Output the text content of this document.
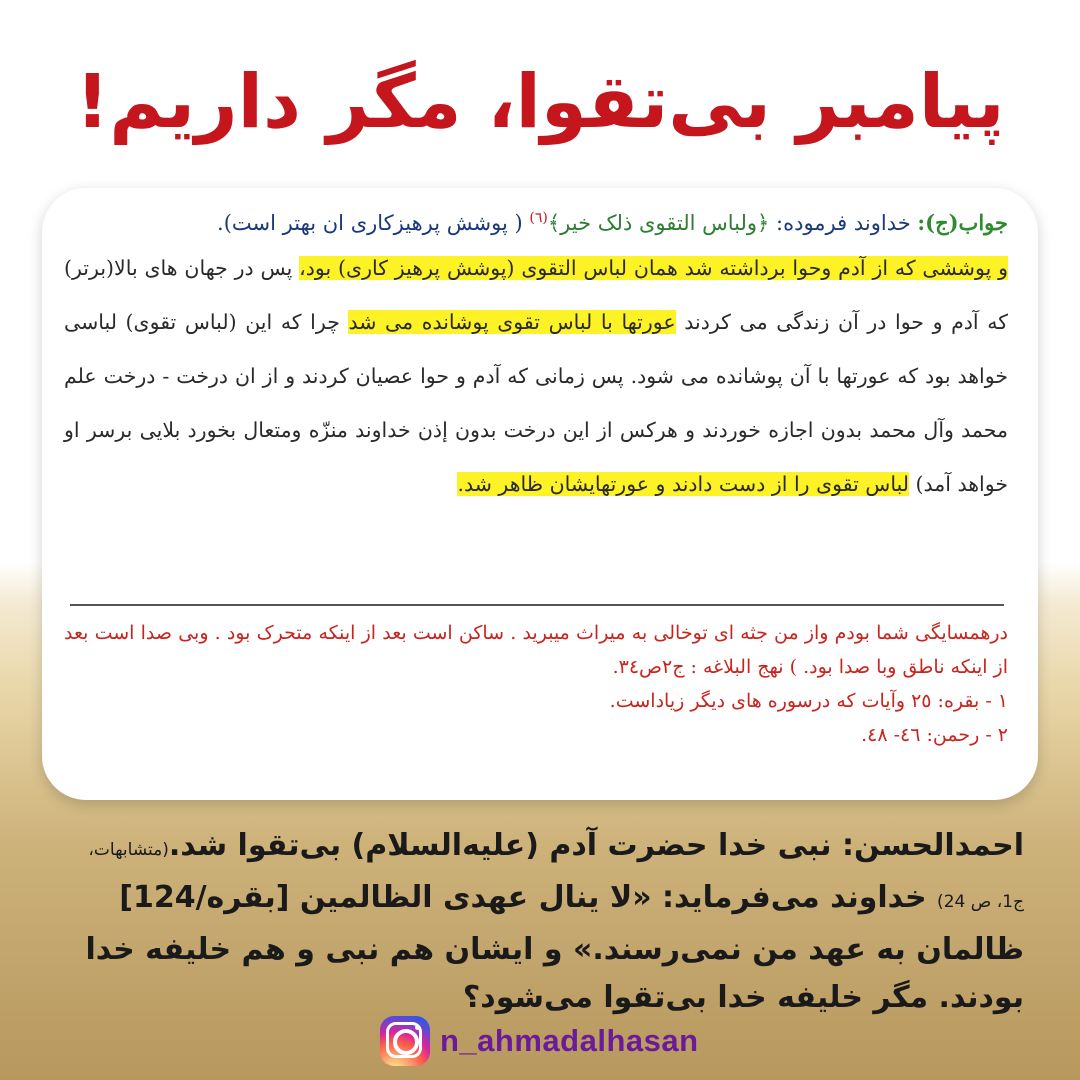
پیامبر بی‌تقوا، مگر داریم!
جواب(ج): خداوند فرموده: ﴿ولباس التقوى ذلک خیر﴾$^{(٦)}$ ( پوشش پرهیزکاری ان بهتر است).
و پوششی که از آدم وحوا برداشته شد همان لباس التقوی (پوشش پرهیز کاری) بود، پس در جهان های بالا(برتر) که آدم و حوا در آن زندگی می کردند عورتها با لباس تقوی پوشانده می شد چرا که این (لباس تقوی) لباسی خواهد بود که عورتها با آن پوشانده می شود. پس زمانی که آدم و حوا عصیان کردند و از ان درخت - درخت علم محمد وآل محمد بدون اجازه خوردند و هرکس از این درخت بدون إذن خداوند منزّه ومتعال بخورد بلایی برسر او خواهد آمد) لباس تقوی را از دست دادند و عورتهایشان ظاهر شد.

درهمسایگی شما بودم واز من جثه ای توخالی به میراث میبرید . ساکن است بعد از اینکه متحرک بود . وبی صدا است بعد از اینکه ناطق وبا صدا بود. ) نهج البلاغه : ج٢ص٣٤.

١ - بقره: ٢٥ وآیات که درسوره های دیگر زیاداست.

٢ - رحمن: ٤٦- ٤٨.

احمدالحسن: نبی خدا حضرت آدم (علیه‌السلام) بی‌تقوا شد.(متشابهات، ج1، ص 24) خداوند می‌فرماید: «لا ینال عهدی الظالمین [بقره/124] ظالمان به عهد من نمی‌رسند.» و ایشان هم نبی و هم خلیفه خدا بودند. مگر خلیفه خدا بی‌تقوا می‌شود؟
n_ahmadalhasan
